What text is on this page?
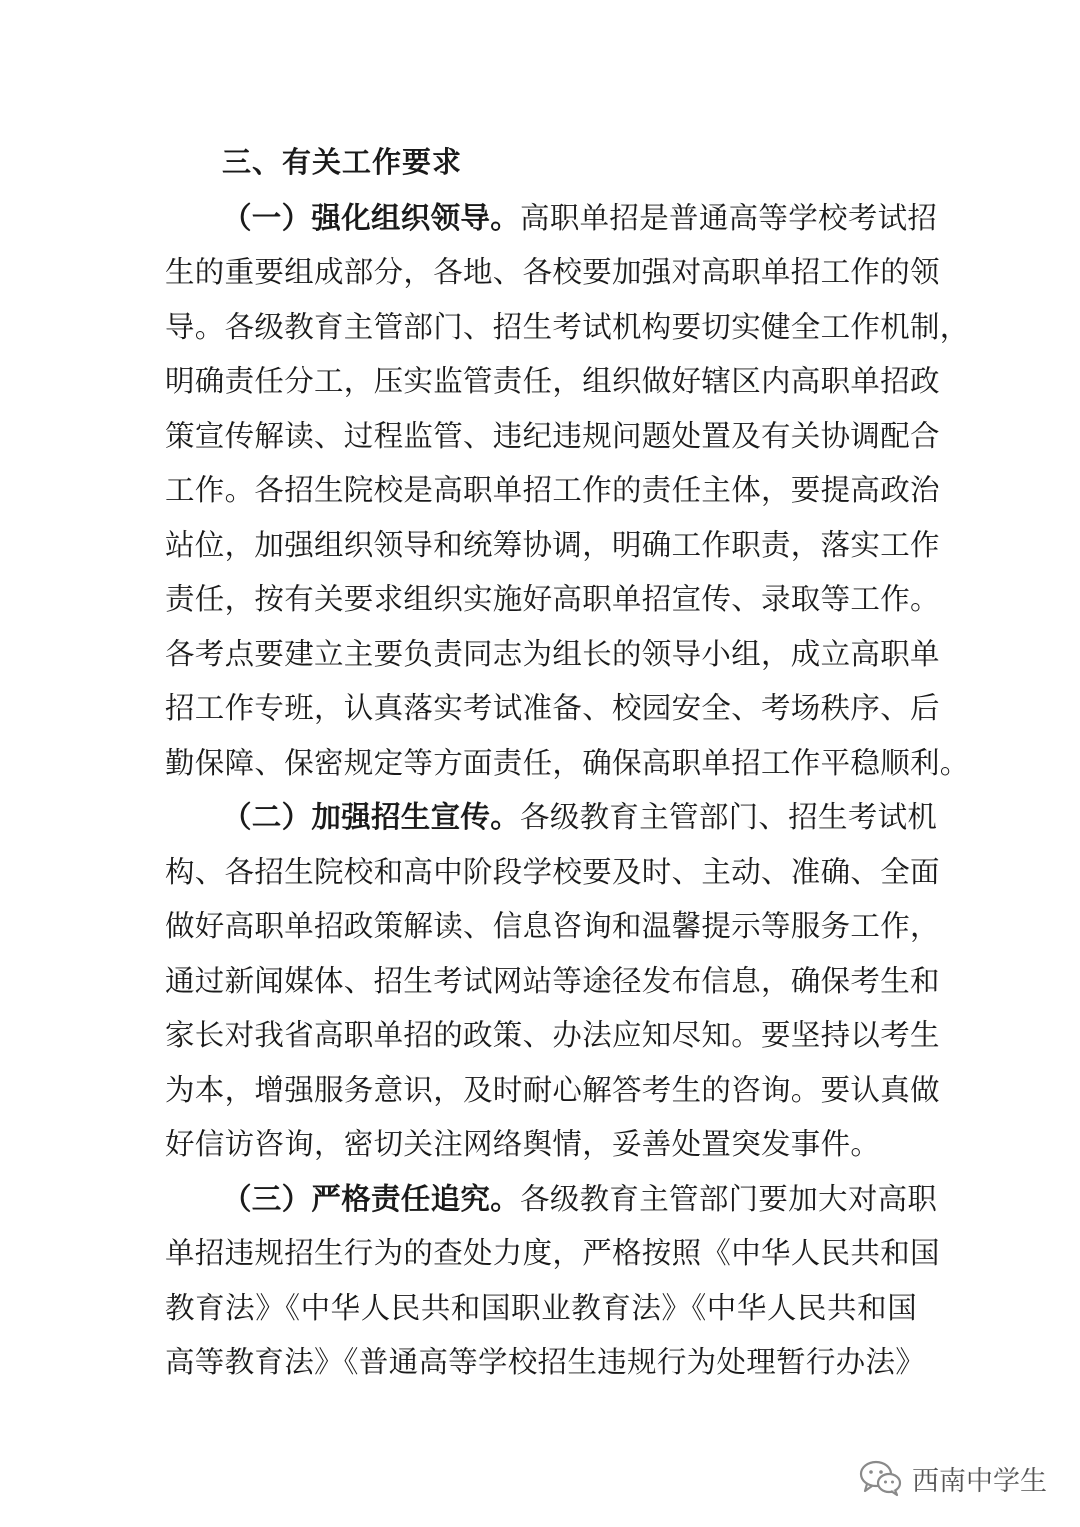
三、有关工作要求
（一）强化组织领导。高职单招是普通高等学校考试招
生的重要组成部分，各地、各校要加强对高职单招工作的领
导。各级教育主管部门、招生考试机构要切实健全工作机制，
明确责任分工，压实监管责任，组织做好辖区内高职单招政
策宣传解读、过程监管、违纪违规问题处置及有关协调配合
工作。各招生院校是高职单招工作的责任主体，要提高政治
站位，加强组织领导和统筹协调，明确工作职责，落实工作
责任，按有关要求组织实施好高职单招宣传、录取等工作。
各考点要建立主要负责同志为组长的领导小组，成立高职单
招工作专班，认真落实考试准备、校园安全、考场秩序、后
勤保障、保密规定等方面责任，确保高职单招工作平稳顺利。
（二）加强招生宣传。各级教育主管部门、招生考试机
构、各招生院校和高中阶段学校要及时、主动、准确、全面
做好高职单招政策解读、信息咨询和温馨提示等服务工作，
通过新闻媒体、招生考试网站等途径发布信息，确保考生和
家长对我省高职单招的政策、办法应知尽知。要坚持以考生
为本，增强服务意识，及时耐心解答考生的咨询。要认真做
好信访咨询，密切关注网络舆情，妥善处置突发事件。
（三）严格责任追究。各级教育主管部门要加大对高职
单招违规招生行为的查处力度，严格按照《中华人民共和国
教育法》《中华人民共和国职业教育法》《中华人民共和国
高等教育法》《普通高等学校招生违规行为处理暂行办法》
西南中学生
